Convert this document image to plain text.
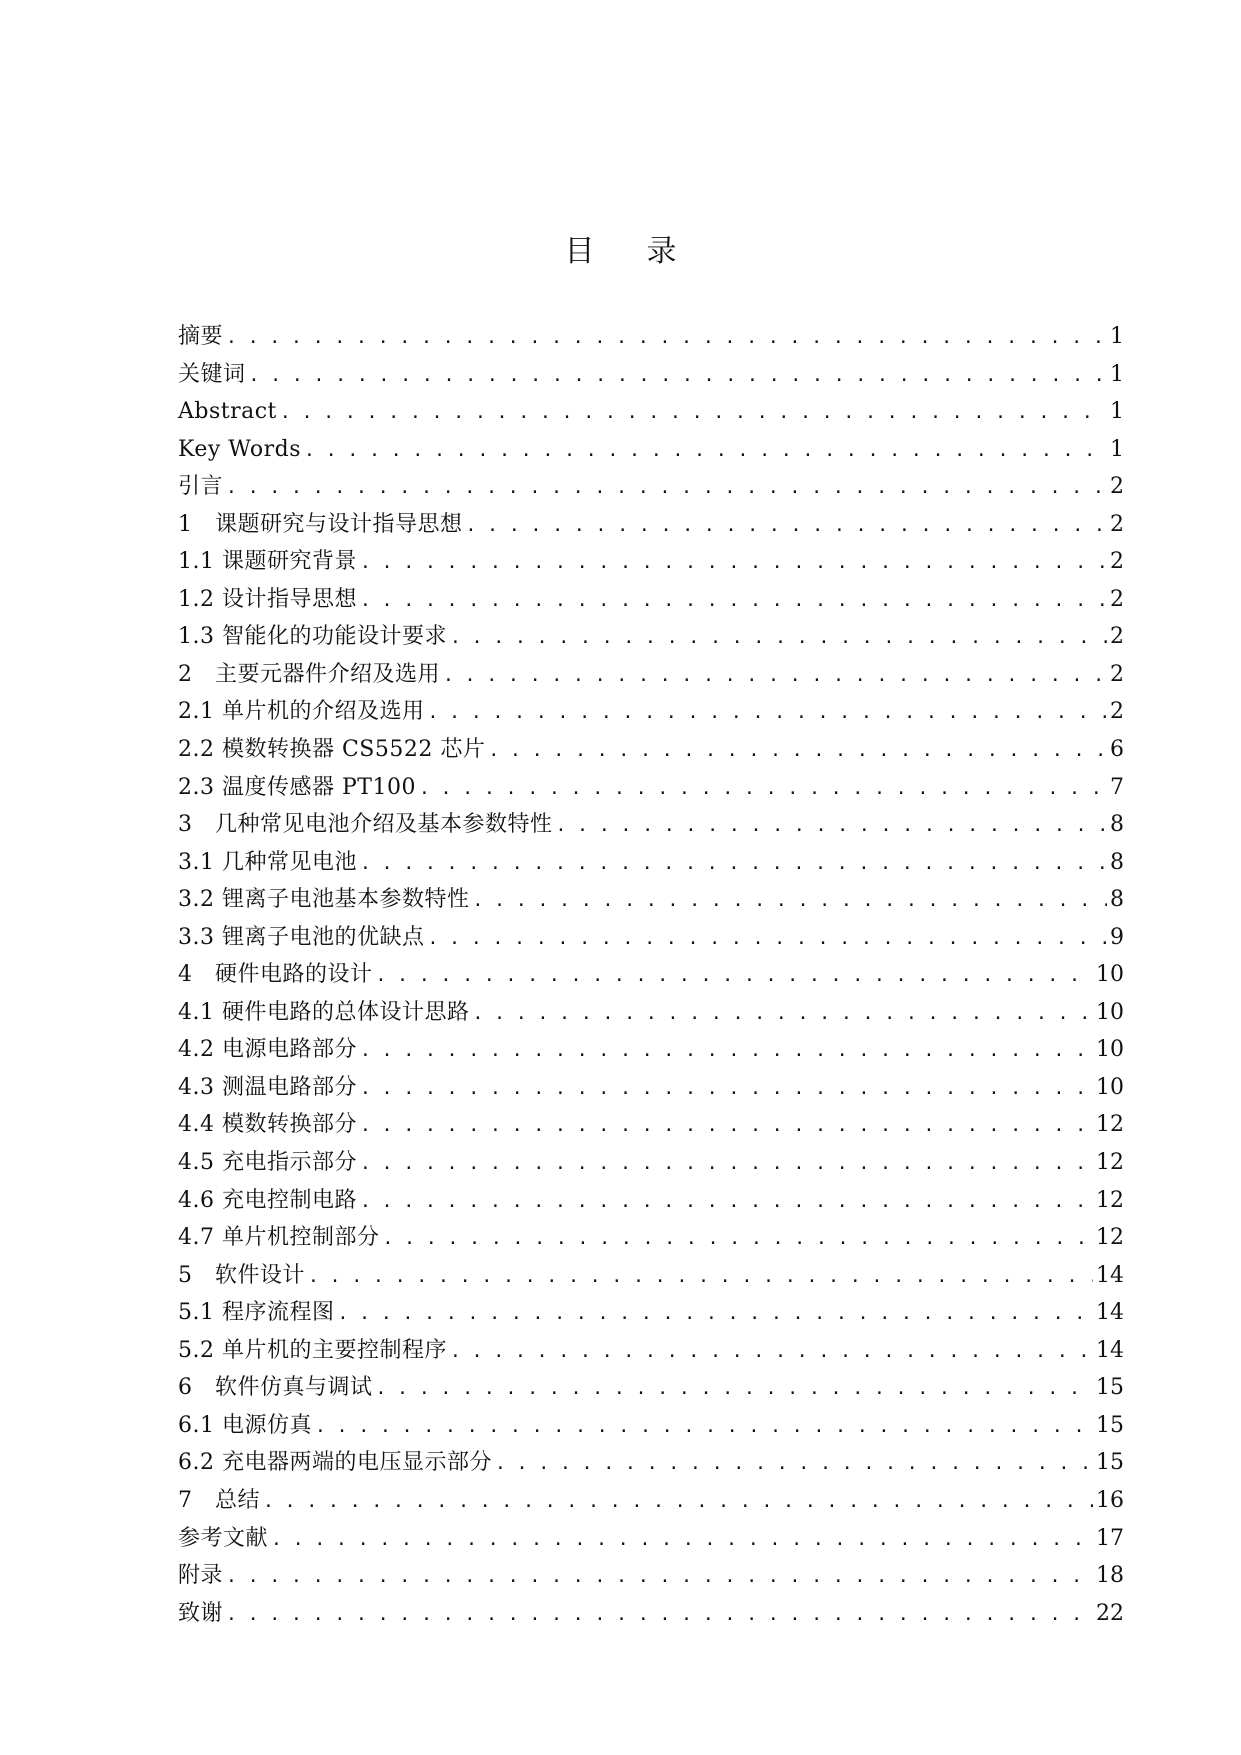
目录
摘要 . . .	1
关键词 . . .	1
Abstract . . .	1
Key Words . . .	1
引言 . . .	2
1　课题研究与设计指导思想 . . .	2
1.1 课题研究背景 . . .	2
1.2 设计指导思想 . . .	2
1.3 智能化的功能设计要求 . . .	2
2　主要元器件介绍及选用 . . .	2
2.1 单片机的介绍及选用 . . .	2
2.2 模数转换器 CS5522 芯片 . . .	6
2.3 温度传感器 PT100 . . .	7
3　几种常见电池介绍及基本参数特性 . . .	8
3.1 几种常见电池 . . .	8
3.2 锂离子电池基本参数特性 . . .	8
3.3 锂离子电池的优缺点 . . .	9
4　硬件电路的设计 . . .	10
4.1 硬件电路的总体设计思路 . . .	10
4.2 电源电路部分 . . .	10
4.3 测温电路部分 . . .	10
4.4 模数转换部分 . . .	12
4.5 充电指示部分 . . .	12
4.6 充电控制电路 . . .	12
4.7 单片机控制部分 . . .	12
5　软件设计 . . .	14
5.1 程序流程图 . . .	14
5.2 单片机的主要控制程序 . . .	14
6　软件仿真与调试 . . .	15
6.1 电源仿真 . . .	15
6.2 充电器两端的电压显示部分 . . .	15
7　总结 . . .	16
参考文献 . . .	17
附录 . . .	18
致谢 . . .	22
